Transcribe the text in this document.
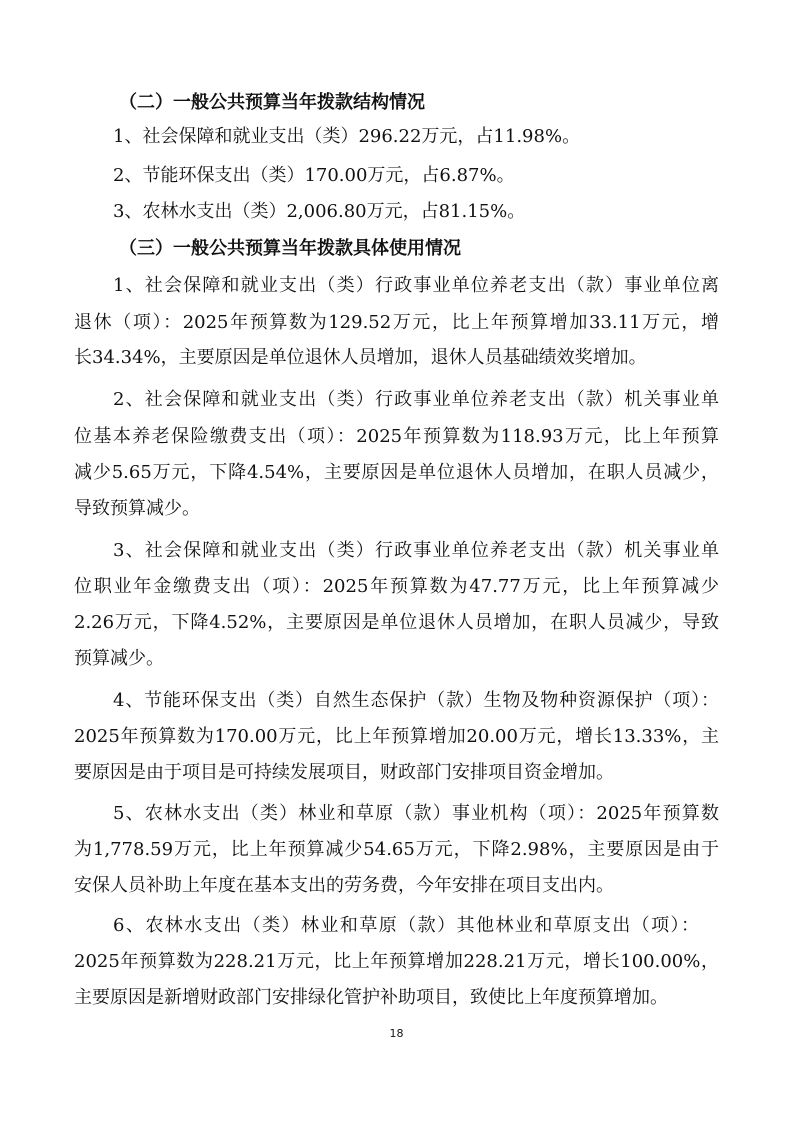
（二）一般公共预算当年拨款结构情况
1、社会保障和就业支出（类）296.22万元，占11.98%。
2、节能环保支出（类）170.00万元，占6.87%。
3、农林水支出（类）2,006.80万元，占81.15%。
（三）一般公共预算当年拨款具体使用情况
1、社会保障和就业支出（类）行政事业单位养老支出（款）事业单位离
退休（项）：2025年预算数为129.52万元，比上年预算增加33.11万元，增
长34.34%，主要原因是单位退休人员增加，退休人员基础绩效奖增加。
2、社会保障和就业支出（类）行政事业单位养老支出（款）机关事业单
位基本养老保险缴费支出（项）：2025年预算数为118.93万元，比上年预算
减少5.65万元，下降4.54%，主要原因是单位退休人员增加，在职人员减少，
导致预算减少。
3、社会保障和就业支出（类）行政事业单位养老支出（款）机关事业单
位职业年金缴费支出（项）：2025年预算数为47.77万元，比上年预算减少
2.26万元，下降4.52%，主要原因是单位退休人员增加，在职人员减少，导致
预算减少。
4、节能环保支出（类）自然生态保护（款）生物及物种资源保护（项）：
2025年预算数为170.00万元，比上年预算增加20.00万元，增长13.33%，主
要原因是由于项目是可持续发展项目，财政部门安排项目资金增加。
5、农林水支出（类）林业和草原（款）事业机构（项）：2025年预算数
为1,778.59万元，比上年预算减少54.65万元，下降2.98%，主要原因是由于
安保人员补助上年度在基本支出的劳务费，今年安排在项目支出内。
6、农林水支出（类）林业和草原（款）其他林业和草原支出（项）：
2025年预算数为228.21万元，比上年预算增加228.21万元，增长100.00%，
主要原因是新增财政部门安排绿化管护补助项目，致使比上年度预算增加。
18
